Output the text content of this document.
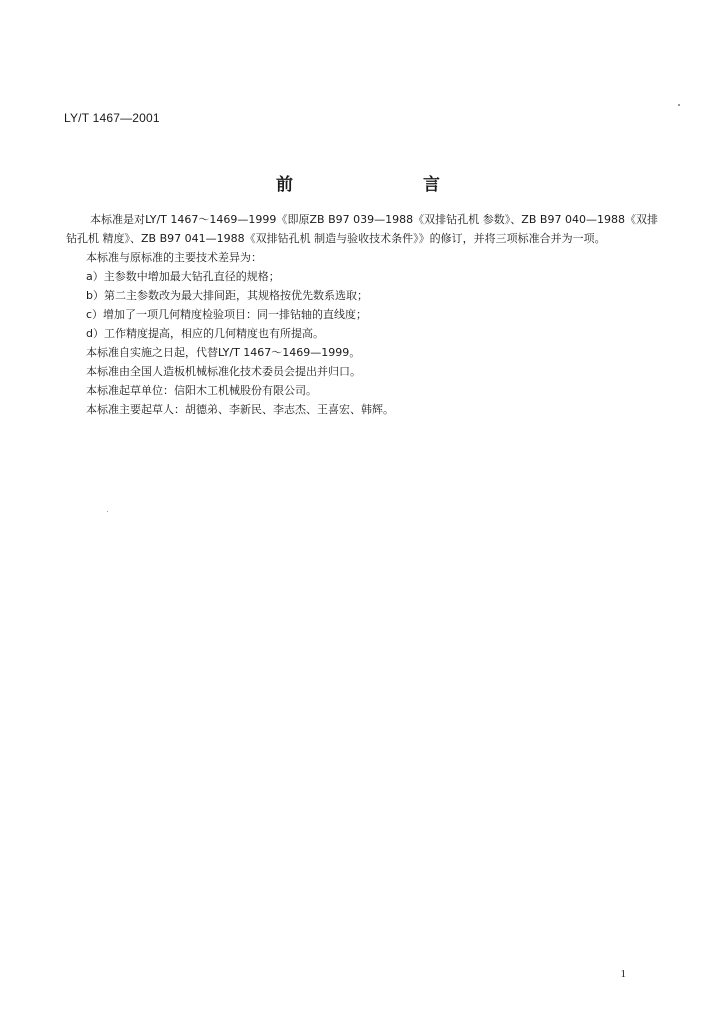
LY/T 1467—2001
前 言

本标准是对LY/T 1467～1469—1999《即原ZB B97 039—1988《双排钻孔机 参数》、ZB B97 040—1988《双排钻孔机 精度》、ZB B97 041—1988《双排钻孔机 制造与验收技术条件》》的修订，并将三项标准合并为一项。

本标准与原标准的主要技术差异为：
a）主参数中增加最大钻孔直径的规格；
b）第二主参数改为最大排间距，其规格按优先数系选取；
c）增加了一项几何精度检验项目：同一排钻轴的直线度；
d）工作精度提高，相应的几何精度也有所提高。
本标准自实施之日起，代替LY/T 1467～1469—1999。
本标准由全国人造板机械标准化技术委员会提出并归口。
本标准起草单位：信阳木工机械股份有限公司。
本标准主要起草人：胡德弟、李新民、李志杰、王喜宏、韩辉。
1
